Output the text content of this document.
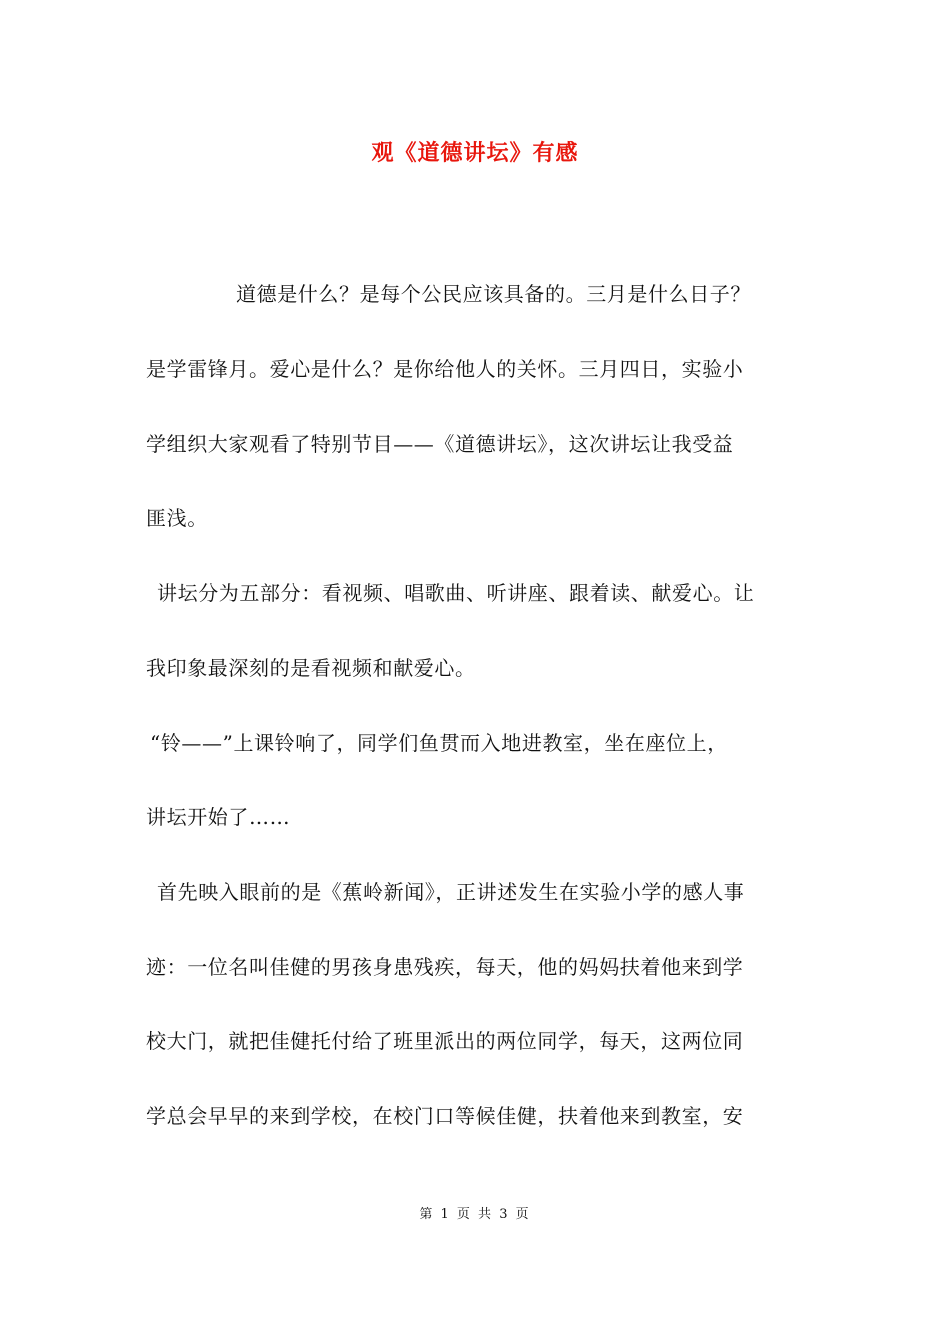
观《道德讲坛》有感
道德是什么？是每个公民应该具备的。三月是什么日子？
是学雷锋月。爱心是什么？是你给他人的关怀。三月四日，实验小
学组织大家观看了特别节目——《道德讲坛》，这次讲坛让我受益
匪浅。
讲坛分为五部分：看视频、唱歌曲、听讲座、跟着读、献爱心。让
我印象最深刻的是看视频和献爱心。
“铃——”上课铃响了，同学们鱼贯而入地进教室，坐在座位上，
讲坛开始了……
首先映入眼前的是《蕉岭新闻》，正讲述发生在实验小学的感人事
迹：一位名叫佳健的男孩身患残疾，每天，他的妈妈扶着他来到学
校大门，就把佳健托付给了班里派出的两位同学，每天，这两位同
学总会早早的来到学校，在校门口等候佳健，扶着他来到教室，安
第 1 页 共 3 页
